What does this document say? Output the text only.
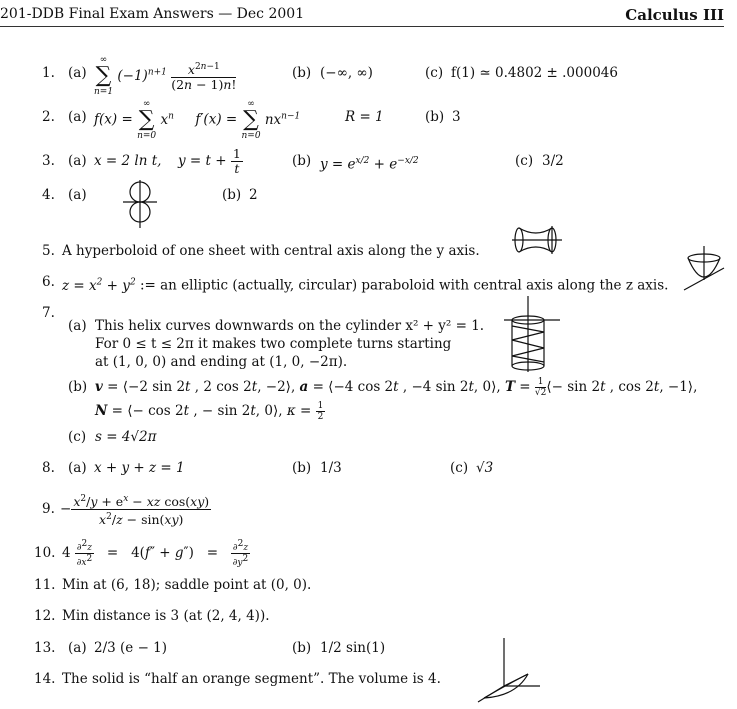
201-DDB Final Exam Answers — Dec 2001	Calculus III
1. (a)
∞
∑
n=1
$(-1)^{n+1} \frac{x^{2n-1}}{(2n - 1)n!}$	(b) (−∞, ∞)	(c) f(1) ≃ 0.4802 ± .000046
2. (a) f(x) =
∞
∑
n=0
$x^n$ f′(x) =
∞
∑
n=0
$nx^{n-1}$	R = 1	(b) 3
3. (a) x = 2 ln t, $y = t + \frac{1}{t}$	(b) $y = e^{x/2} + e^{-x/2}$	(c) 3/2
4. (a)	(b) 2
5. A hyperboloid of one sheet with central axis along the y axis.
6. $z = x^2 + y^2$ := an elliptic (actually, circular) paraboloid with central axis along the z axis.
7.
(a) This helix curves downwards on the cylinder x² + y² = 1.
For 0 ≤ t ≤ 2π it makes two complete turns starting
at (1, 0, 0) and ending at (1, 0, −2π).
(b) v = ⟨−2 sin 2t , 2 cos 2t, −2⟩, a = ⟨−4 cos 2t , −4 sin 2t, 0⟩, $T = \frac{1}{√2}$ ⟨− sin 2t , cos 2t, −1⟩,
N = ⟨− cos 2t , − sin 2t, 0⟩, $\kappa = \frac{1}{2}$
(c) s = 4√2π
8. (a) x + y + z = 1	(b) 1/3	(c) √3
9. − $\frac{x^2/y + e^x - xz \cos(xy)}{x^2/z - \sin(xy)}$
10. $4 \frac{\partial^2z}{\partial x^2} = 4(f'' + g'') = \frac{\partial^2z}{\partial y^2}$
11. Min at (6, 18); saddle point at (0, 0).
12. Min distance is 3 (at (2, 4, 4)).
13. (a) 2/3 (e − 1)	(b) 1/2 sin(1)
14. The solid is “half an orange segment”. The volume is 4.
